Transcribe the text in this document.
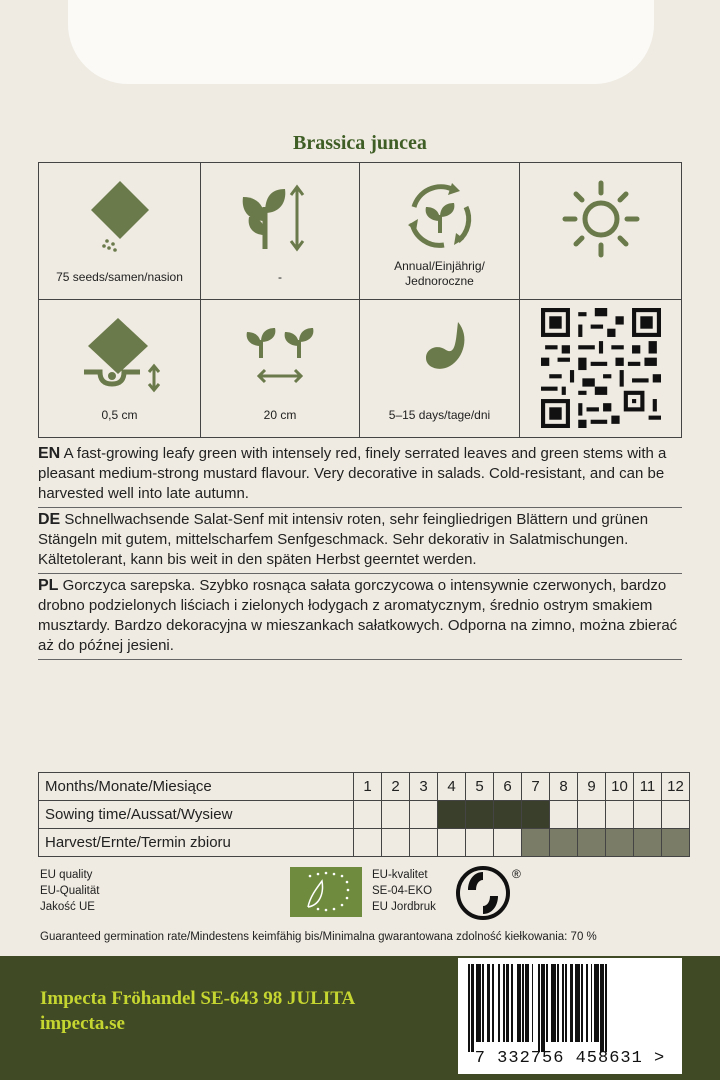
Brassica juncea
75 seeds/samen/nasion	-
Annual/Einjährig/ Jednoroczne
0,5 cm	20 cm	5–15 days/tage/dni
EN A fast-growing leafy green with intensely red, finely serrated leaves and green stems with a pleasant medium-strong mustard flavour. Very decorative in salads. Cold-resistant, and can be harvested well into late autumn.
DE Schnellwachsende Salat-Senf mit intensiv roten, sehr feingliedrigen Blättern und grünen Stängeln mit gutem, mittelscharfem Senfgeschmack. Sehr dekorativ in Salatmischungen. Kältetolerant, kann bis weit in den späten Herbst geerntet werden.
PL Gorczyca sarepska. Szybko rosnąca sałata gorczycowa o intensywnie czerwonych, bardzo drobno podzielonych liściach i zielonych łodygach z aromatycznym, średnio ostrym smakiem musztardy. Bardzo dekoracyjna w mieszankach sałatkowych. Odporna na zimno, można zbierać aż do późnej jesieni.
Months/Monate/Miesiące	1	2	3	4	5	6	7	8	9	10	11	12
Sowing time/Aussat/Wysiew												
Harvest/Ernte/Termin zbioru												
EU quality
EU-Qualität
Jakość UE
EU-kvalitet
SE-04-EKO
EU Jordbruk
®
Guaranteed germination rate/Mindestens keimfähig bis/Minimalna gwarantowana zdolność kiełkowania: 70 %
Impecta Fröhandel SE-643 98 JULITA
impecta.se
7 332756 458631 >
